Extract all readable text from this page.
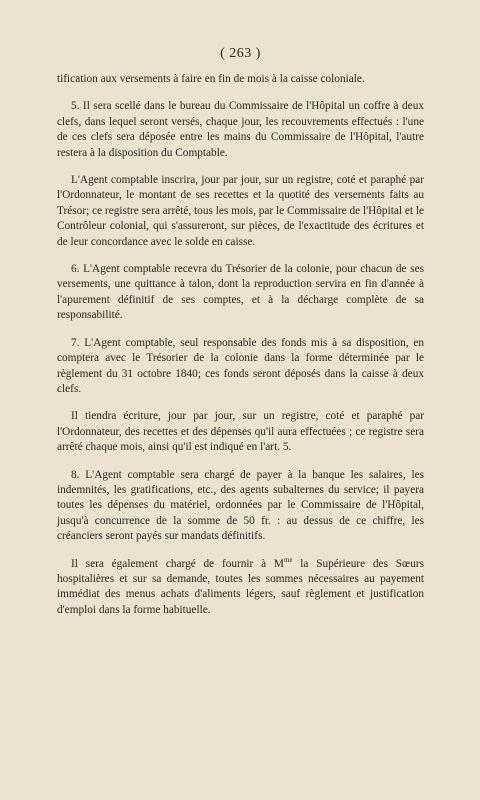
( 263 )

tification aux versements à faire en fin de mois à la caisse coloniale.

5. Il sera scellé dans le bureau du Commissaire de l'Hôpital un coffre à deux clefs, dans lequel seront versés, chaque jour, les recouvrements effectués : l'une de ces clefs sera déposée entre les mains du Commissaire de l'Hôpital, l'autre restera à la disposition du Comptable.

L'Agent comptable inscrira, jour par jour, sur un registre, coté et paraphé par l'Ordonnateur, le montant de ses recettes et la quotité des versements faits au Trésor; ce registre sera arrêté, tous les mois, par le Commissaire de l'Hôpital et le Contrôleur colonial, qui s'assureront, sur pièces, de l'exactitude des écritures et de leur concordance avec le solde en caisse.

6. L'Agent comptable recevra du Trésorier de la colonie, pour chacun de ses versements, une quittance à talon, dont la reproduction servira en fin d'année à l'apurement définitif de ses comptes, et à la décharge complète de sa responsabilité.

7. L'Agent comptable, seul responsable des fonds mis à sa disposition, en comptera avec le Trésorier de la colonie dans la forme déterminée par le règlement du 31 octobre 1840; ces fonds seront déposés dans la caisse à deux clefs.

Il tiendra écriture, jour par jour, sur un registre, coté et paraphé par l'Ordonnateur, des recettes et des dépenses qu'il aura effectuées ; ce registre sera arrêté chaque mois, ainsi qu'il est indiqué en l'art. 5.

8. L'Agent comptable sera chargé de payer à la banque les salaires, les indemnités, les gratifications, etc., des agents subalternes du service; il payera toutes les dépenses du matériel, ordonnées par le Commissaire de l'Hôpital, jusqu'à concurrence de la somme de 50 fr. : au dessus de ce chiffre, les créanciers seront payés sur mandats définitifs.

Il sera également chargé de fournir à $M^{me}$ la Supérieure des Sœurs hospitalières et sur sa demande, toutes les sommes nécessaires au payement immédiat des menus achats d'aliments légers, sauf règlement et justification d'emploi dans la forme habituelle.
